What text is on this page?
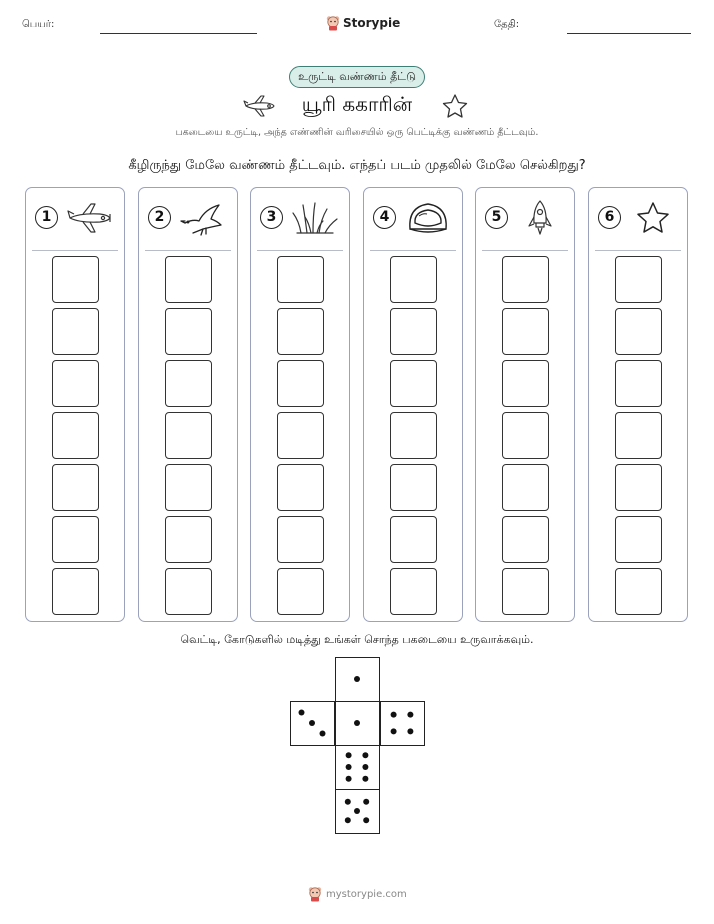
பெயர்:	Storypie	தேதி:
உருட்டி வண்ணம் தீட்டு
யூரி ககாரின்
பகடையை உருட்டி, அந்த எண்ணின் வரிசையில் ஒரு பெட்டிக்கு வண்ணம் தீட்டவும்.
கீழிருந்து மேலே வண்ணம் தீட்டவும். எந்தப் படம் முதலில் மேலே செல்கிறது?
1	2	3	4	5	6
வெட்டி, கோடுகளில் மடித்து உங்கள் சொந்த பகடையை உருவாக்கவும்.
mystorypie.com
